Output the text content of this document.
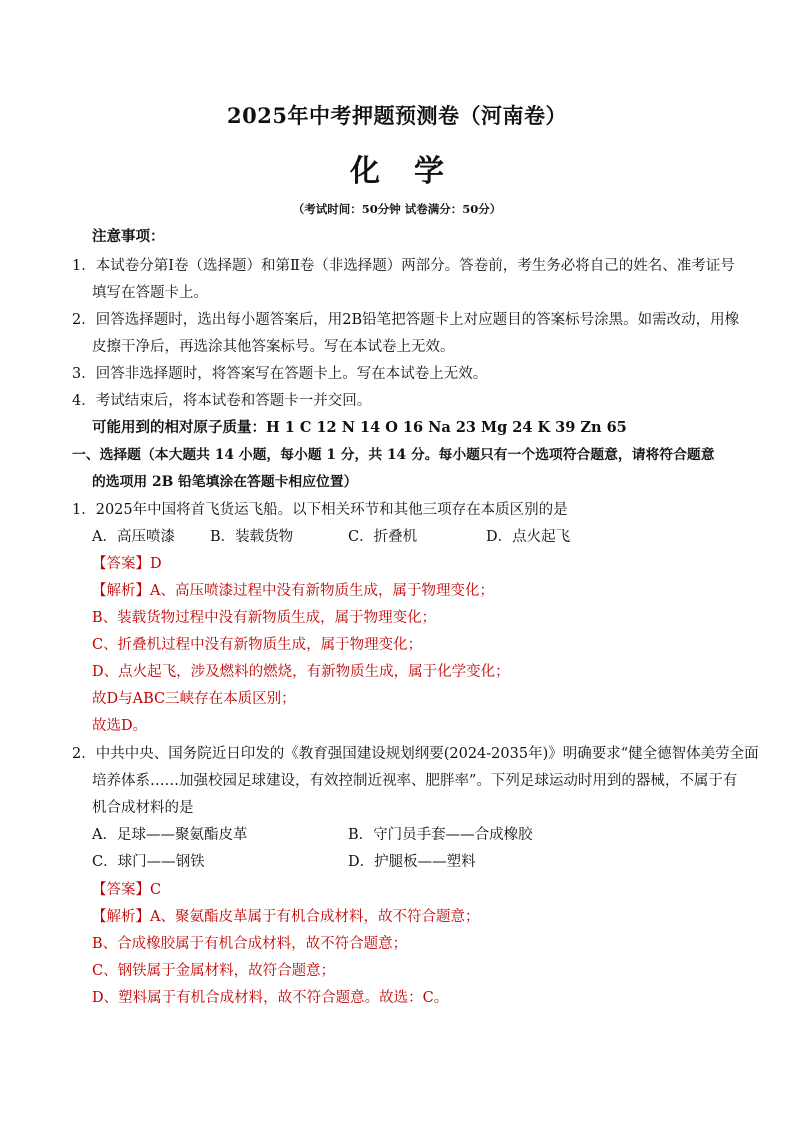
2025年中考押题预测卷（河南卷）
化学
（考试时间：50分钟 试卷满分：50分）
注意事项：
1．本试卷分第Ⅰ卷（选择题）和第Ⅱ卷（非选择题）两部分。答卷前，考生务必将自己的姓名、准考证号
填写在答题卡上。
2．回答选择题时，选出每小题答案后，用2B铅笔把答题卡上对应题目的答案标号涂黑。如需改动，用橡
皮擦干净后，再选涂其他答案标号。写在本试卷上无效。
3．回答非选择题时，将答案写在答题卡上。写在本试卷上无效。
4．考试结束后，将本试卷和答题卡一并交回。
可能用到的相对原子质量：H 1 C 12 N 14 O 16 Na 23 Mg 24 K 39 Zn 65
一、选择题（本大题共 14 小题，每小题 1 分，共 14 分。每小题只有一个选项符合题意，请将符合题意
的选项用 2B 铅笔填涂在答题卡相应位置）
1．2025年中国将首飞货运飞船。以下相关环节和其他三项存在本质区别的是
A．高压喷漆 B．装载货物	C．折叠机	D．点火起飞
【答案】D
【解析】A、高压喷漆过程中没有新物质生成，属于物理变化；
B、装载货物过程中没有新物质生成，属于物理变化；
C、折叠机过程中没有新物质生成，属于物理变化；
D、点火起飞，涉及燃料的燃烧，有新物质生成，属于化学变化；
故D与ABC三峡存在本质区别；
故选D。
2．中共中央、国务院近日印发的《教育强国建设规划纲要(2024-2035年)》明确要求“健全德智体美劳全面
培养体系……加强校园足球建设，有效控制近视率、肥胖率”。下列足球运动时用到的器械，不属于有
机合成材料的是
A．足球——聚氨酯皮革	B．守门员手套——合成橡胶
C．球门——钢铁	D．护腿板——塑料
【答案】C
【解析】A、聚氨酯皮革属于有机合成材料，故不符合题意；
B、合成橡胶属于有机合成材料，故不符合题意；
C、钢铁属于金属材料，故符合题意；
D、塑料属于有机合成材料，故不符合题意。故选：C。
